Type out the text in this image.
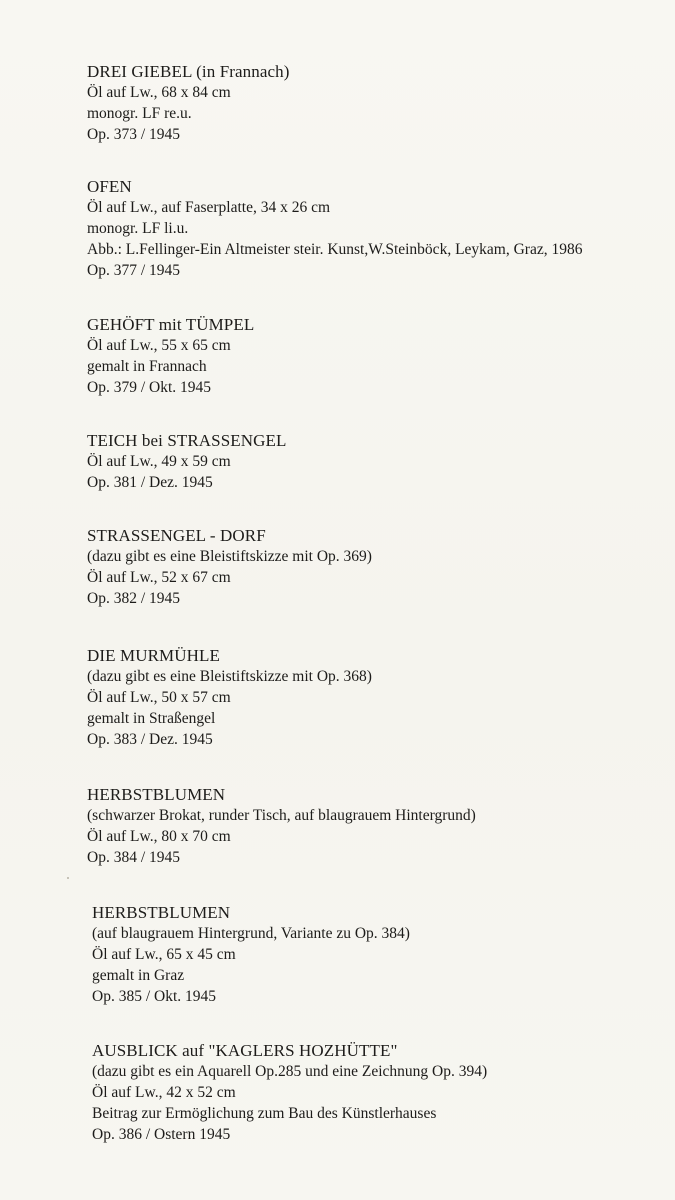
DREI GIEBEL (in Frannach)
Öl auf Lw., 68 x 84 cm
monogr. LF re.u.
Op. 373 / 1945
OFEN
Öl auf Lw., auf Faserplatte, 34 x 26 cm
monogr. LF li.u.
Abb.: L.Fellinger-Ein Altmeister steir. Kunst,W.Steinböck, Leykam, Graz, 1986
Op. 377 / 1945
GEHÖFT mit TÜMPEL
Öl auf Lw., 55 x 65 cm
gemalt in Frannach
Op. 379 / Okt. 1945
TEICH bei STRASSENGEL
Öl auf Lw., 49 x 59 cm
Op. 381 / Dez. 1945
STRASSENGEL - DORF
(dazu gibt es eine Bleistiftskizze mit Op. 369)
Öl auf Lw., 52 x 67 cm
Op. 382 / 1945
DIE MURMÜHLE
(dazu gibt es eine Bleistiftskizze mit Op. 368)
Öl auf Lw., 50 x 57 cm
gemalt in Straßengel
Op. 383 / Dez. 1945
HERBSTBLUMEN
(schwarzer Brokat, runder Tisch, auf blaugrauem Hintergrund)
Öl auf Lw., 80 x 70 cm
Op. 384 / 1945
HERBSTBLUMEN
(auf blaugrauem Hintergrund, Variante zu Op. 384)
Öl auf Lw., 65 x 45 cm
gemalt in Graz
Op. 385 / Okt. 1945
AUSBLICK auf "KAGLERS HOZHÜTTE"
(dazu gibt es ein Aquarell Op.285 und eine Zeichnung Op. 394)
Öl auf Lw., 42 x 52 cm
Beitrag zur Ermöglichung zum Bau des Künstlerhauses
Op. 386 / Ostern 1945
